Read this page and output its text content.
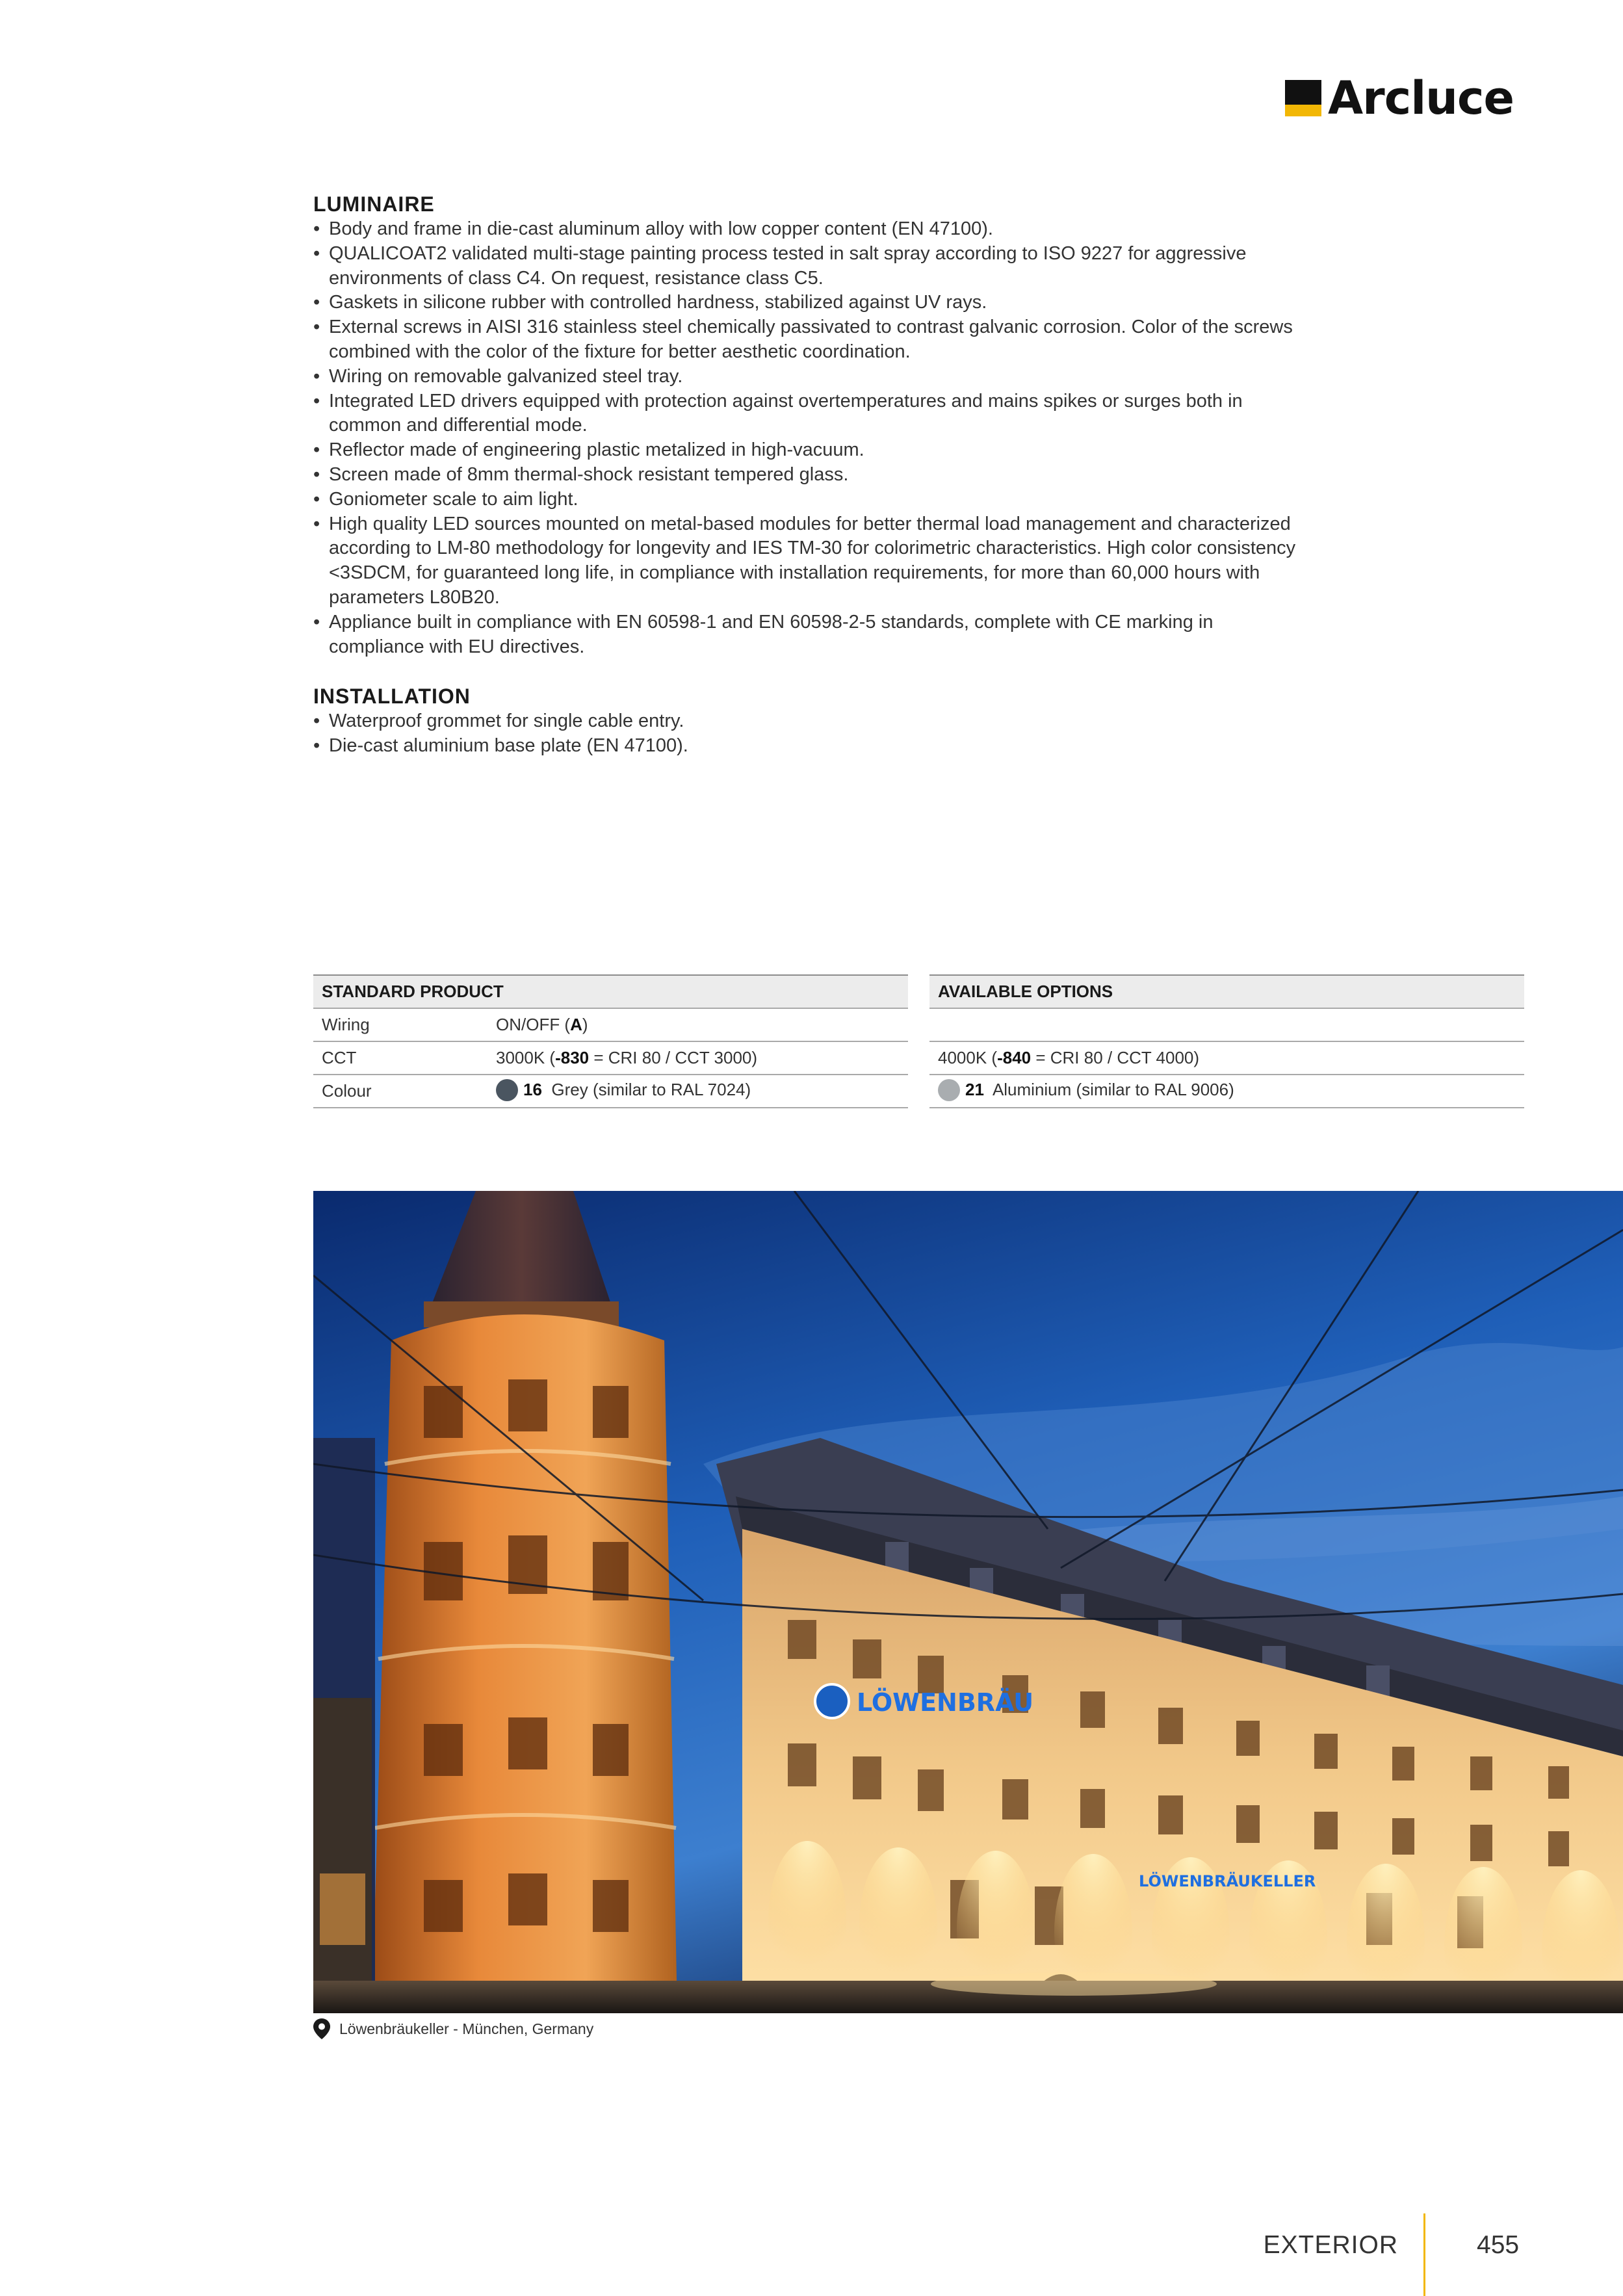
Arcluce
LUMINAIRE
• Body and frame in die-cast aluminum alloy with low copper content (EN 47100).
• QUALICOAT2 validated multi-stage painting process tested in salt spray according to ISO 9227 for aggressive environments of class C4. On request, resistance class C5.
• Gaskets in silicone rubber with controlled hardness, stabilized against UV rays.
• External screws in AISI 316 stainless steel chemically passivated to contrast galvanic corrosion. Color of the screws combined with the color of the fixture for better aesthetic coordination.
• Wiring on removable galvanized steel tray.
• Integrated LED drivers equipped with protection against overtemperatures and mains spikes or surges both in common and differential mode.
• Reflector made of engineering plastic metalized in high-vacuum.
• Screen made of 8mm thermal-shock resistant tempered glass.
• Goniometer scale to aim light.
• High quality LED sources mounted on metal-based modules for better thermal load management and characterized according to LM-80 methodology for longevity and IES TM-30 for colorimetric characteristics. High color consistency <3SDCM, for guaranteed long life, in compliance with installation requirements, for more than 60,000 hours with parameters L80B20.
• Appliance built in compliance with EN 60598-1 and EN 60598-2-5 standards, complete with CE marking in compliance with EU directives.
INSTALLATION
• Waterproof grommet for single cable entry.
• Die-cast aluminium base plate (EN 47100).
STANDARD PRODUCT	
Wiring	ON/OFF (A)
CCT	3000K (-830 = CRI 80 / CCT 3000)
Colour	16 Grey (similar to RAL 7024)
AVAILABLE OPTIONS

4000K (-840 = CRI 80 / CCT 4000)
21 Aluminium (similar to RAL 9006)
LÖWENBRÄU
LÖWENBRÄUKELLER
Löwenbräukeller - München, Germany
EXTERIOR	455
